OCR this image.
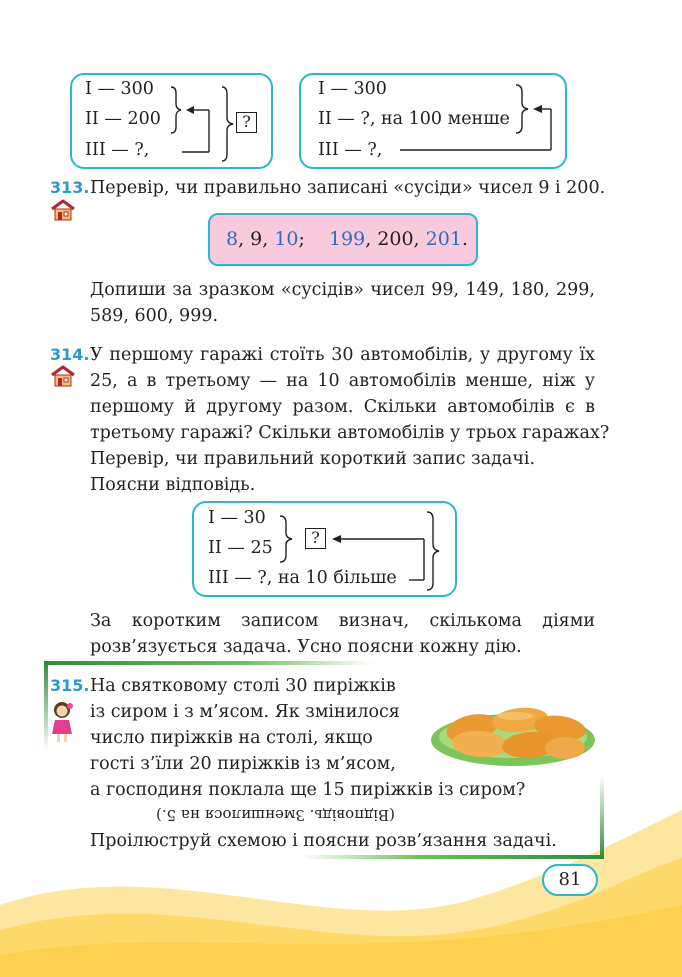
I — 300
II — 200
III — ?,
?
I — 300
II — ?, на 100 менше
III — ?,
313. Перевір, чи правильно записані «сусіди» чисел 9 і 200.
8, 9, 10; 199, 200, 201.
Допиши за зразком «сусідів» чисел 99, 149, 180, 299,
589, 600, 999.
314. У першому гаражі стоїть 30 автомобілів, у другому їх
25, а в третьому — на 10 автомобілів менше, ніж у
першому й другому разом. Скільки автомобілів є в
третьому гаражі? Скільки автомобілів у трьох гаражах?
Перевір, чи правильний короткий запис задачі.
Поясни відповідь.
I — 30
II — 25
III — ?, на 10 більше
?
За коротким записом визнач, скількома діями
розв’язується задача. Усно поясни кожну дію.
315. На святковому столі 30 пиріжків
із сиром і з м’ясом. Як змінилося
число пиріжків на столі, якщо
гості з’їли 20 пиріжків із м’ясом,
а господиня поклала ще 15 пиріжків із сиром?
(Відповідь. Зменшилося на 5.)
Проілюструй схемою і поясни розв’язання задачі.
81
